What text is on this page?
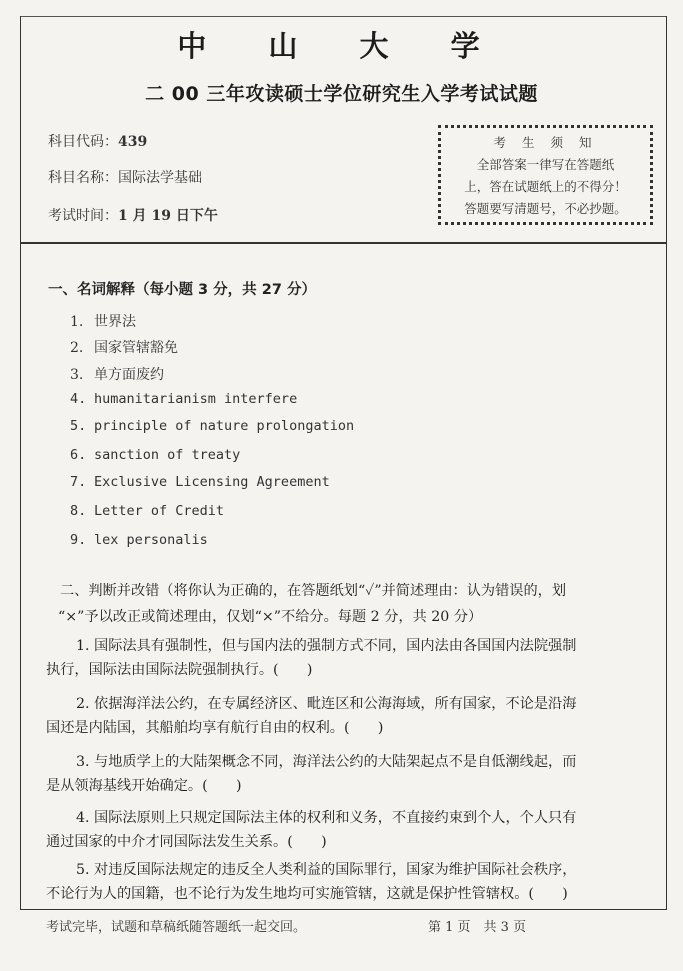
中 山 大 学
二 00 三年攻读硕士学位研究生入学考试试题
科目代码：439
科目名称：国际法学基础
考试时间：1 月 19 日下午
考 生 须 知
全部答案一律写在答题纸
上，答在试题纸上的不得分！
答题要写清题号，不必抄题。
一、名词解释（每小题 3 分，共 27 分）
1. 世界法
2. 国家管辖豁免
3. 单方面废约
4. humanitarianism interfere
5. principle of nature prolongation
6. sanction of treaty
7. Exclusive Licensing Agreement
8. Letter of Credit
9. lex personalis
二、判断并改错（将你认为正确的，在答题纸划“✓”并简述理由：认为错误的，划
“×”予以改正或简述理由，仅划“×”不给分。每题 2 分，共 20 分）
1. 国际法具有强制性，但与国内法的强制方式不同，国内法由各国国内法院强制
执行，国际法由国际法院强制执行。(　　)
2. 依据海洋法公约，在专属经济区、毗连区和公海海域，所有国家，不论是沿海
国还是内陆国，其船舶均享有航行自由的权利。(　　)
3. 与地质学上的大陆架概念不同，海洋法公约的大陆架起点不是自低潮线起，而
是从领海基线开始确定。(　　)
4. 国际法原则上只规定国际法主体的权利和义务，不直接约束到个人，个人只有
通过国家的中介才同国际法发生关系。(　　)
5. 对违反国际法规定的违反全人类利益的国际罪行，国家为维护国际社会秩序，
不论行为人的国籍，也不论行为发生地均可实施管辖，这就是保护性管辖权。(　　)
考试完毕，试题和草稿纸随答题纸一起交回。	第 1 页　共 3 页
